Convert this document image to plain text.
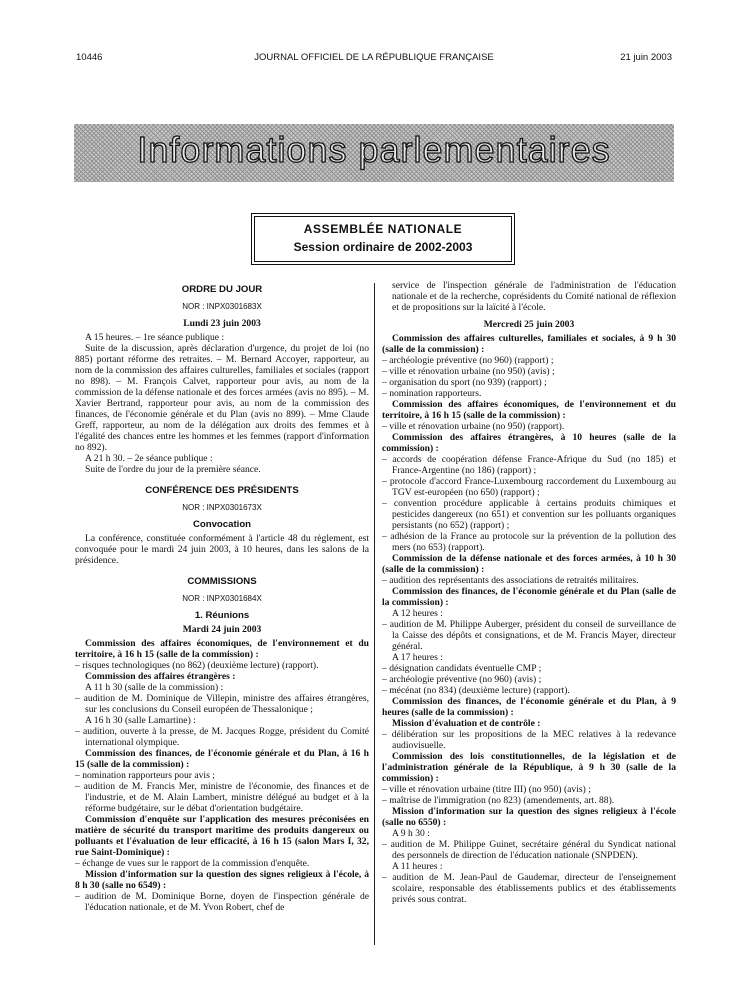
10446	JOURNAL OFFICIEL DE LA RÉPUBLIQUE FRANÇAISE	21 juin 2003
Informations parlementaires
ASSEMBLÉE NATIONALE
Session ordinaire de 2002-2003

ORDRE DU JOUR

NOR : INPX0301683X

Lundi 23 juin 2003

A 15 heures. – 1re séance publique :

Suite de la discussion, après déclaration d'urgence, du projet de loi (no 885) portant réforme des retraites. – M. Bernard Accoyer, rapporteur, au nom de la commission des affaires culturelles, familiales et sociales (rapport no 898). – M. François Calvet, rapporteur pour avis, au nom de la commission de la défense nationale et des forces armées (avis no 895). – M. Xavier Bertrand, rapporteur pour avis, au nom de la commission des finances, de l'économie générale et du Plan (avis no 899). – Mme Claude Greff, rapporteur, au nom de la délégation aux droits des femmes et à l'égalité des chances entre les hommes et les femmes (rapport d'information no 892).

A 21 h 30. – 2e séance publique :

Suite de l'ordre du jour de la première séance.

CONFÉRENCE DES PRÉSIDENTS

NOR : INPX0301673X

Convocation

La conférence, constituée conformément à l'article 48 du règlement, est convoquée pour le mardi 24 juin 2003, à 10 heures, dans les salons de la présidence.

COMMISSIONS

NOR : INPX0301684X

1. Réunions

Mardi 24 juin 2003

Commission des affaires économiques, de l'environnement et du territoire, à 16 h 15 (salle de la commission) :

– risques technologiques (no 862) (deuxième lecture) (rapport).

Commission des affaires étrangères :

A 11 h 30 (salle de la commission) :

– audition de M. Dominique de Villepin, ministre des affaires étrangères, sur les conclusions du Conseil européen de Thessalonique ;

A 16 h 30 (salle Lamartine) :

– audition, ouverte à la presse, de M. Jacques Rogge, président du Comité international olympique.

Commission des finances, de l'économie générale et du Plan, à 16 h 15 (salle de la commission) :

– nomination rapporteurs pour avis ;

– audition de M. Francis Mer, ministre de l'économie, des finances et de l'industrie, et de M. Alain Lambert, ministre délégué au budget et à la réforme budgétaire, sur le débat d'orientation budgétaire.

Commission d'enquête sur l'application des mesures préconisées en matière de sécurité du transport maritime des produits dangereux ou polluants et l'évaluation de leur efficacité, à 16 h 15 (salon Mars I, 32, rue Saint-Dominique) :

– échange de vues sur le rapport de la commission d'enquête.

Mission d'information sur la question des signes religieux à l'école, à 8 h 30 (salle no 6549) :

– audition de M. Dominique Borne, doyen de l'inspection générale de l'éducation nationale, et de M. Yvon Robert, chef de

service de l'inspection générale de l'administration de l'éducation nationale et de la recherche, coprésidents du Comité national de réflexion et de propositions sur la laïcité à l'école.

Mercredi 25 juin 2003

Commission des affaires culturelles, familiales et sociales, à 9 h 30 (salle de la commission) :

– archéologie préventive (no 960) (rapport) ;

– ville et rénovation urbaine (no 950) (avis) ;

– organisation du sport (no 939) (rapport) ;

– nomination rapporteurs.

Commission des affaires économiques, de l'environnement et du territoire, à 16 h 15 (salle de la commission) :

– ville et rénovation urbaine (no 950) (rapport).

Commission des affaires étrangères, à 10 heures (salle de la commission) :

– accords de coopération défense France-Afrique du Sud (no 185) et France-Argentine (no 186) (rapport) ;

– protocole d'accord France-Luxembourg raccordement du Luxembourg au TGV est-européen (no 650) (rapport) ;

– convention procédure applicable à certains produits chimiques et pesticides dangereux (no 651) et convention sur les polluants organiques persistants (no 652) (rapport) ;

– adhésion de la France au protocole sur la prévention de la pollution des mers (no 653) (rapport).

Commission de la défense nationale et des forces armées, à 10 h 30 (salle de la commission) :

– audition des représentants des associations de retraités militaires.

Commission des finances, de l'économie générale et du Plan (salle de la commission) :

A 12 heures :

– audition de M. Philippe Auberger, président du conseil de surveillance de la Caisse des dépôts et consignations, et de M. Francis Mayer, directeur général.

A 17 heures :

– désignation candidats éventuelle CMP ;

– archéologie préventive (no 960) (avis) ;

– mécénat (no 834) (deuxième lecture) (rapport).

Commission des finances, de l'économie générale et du Plan, à 9 heures (salle de la commission) :

Mission d'évaluation et de contrôle :

– délibération sur les propositions de la MEC relatives à la redevance audiovisuelle.

Commission des lois constitutionnelles, de la législation et de l'administration générale de la République, à 9 h 30 (salle de la commission) :

– ville et rénovation urbaine (titre III) (no 950) (avis) ;

– maîtrise de l'immigration (no 823) (amendements, art. 88).

Mission d'information sur la question des signes religieux à l'école (salle no 6550) :

A 9 h 30 :

– audition de M. Philippe Guinet, secrétaire général du Syndicat national des personnels de direction de l'éducation nationale (SNPDEN).

A 11 heures :

– audition de M. Jean-Paul de Gaudemar, directeur de l'enseignement scolaire, responsable des établissements publics et des établissements privés sous contrat.
